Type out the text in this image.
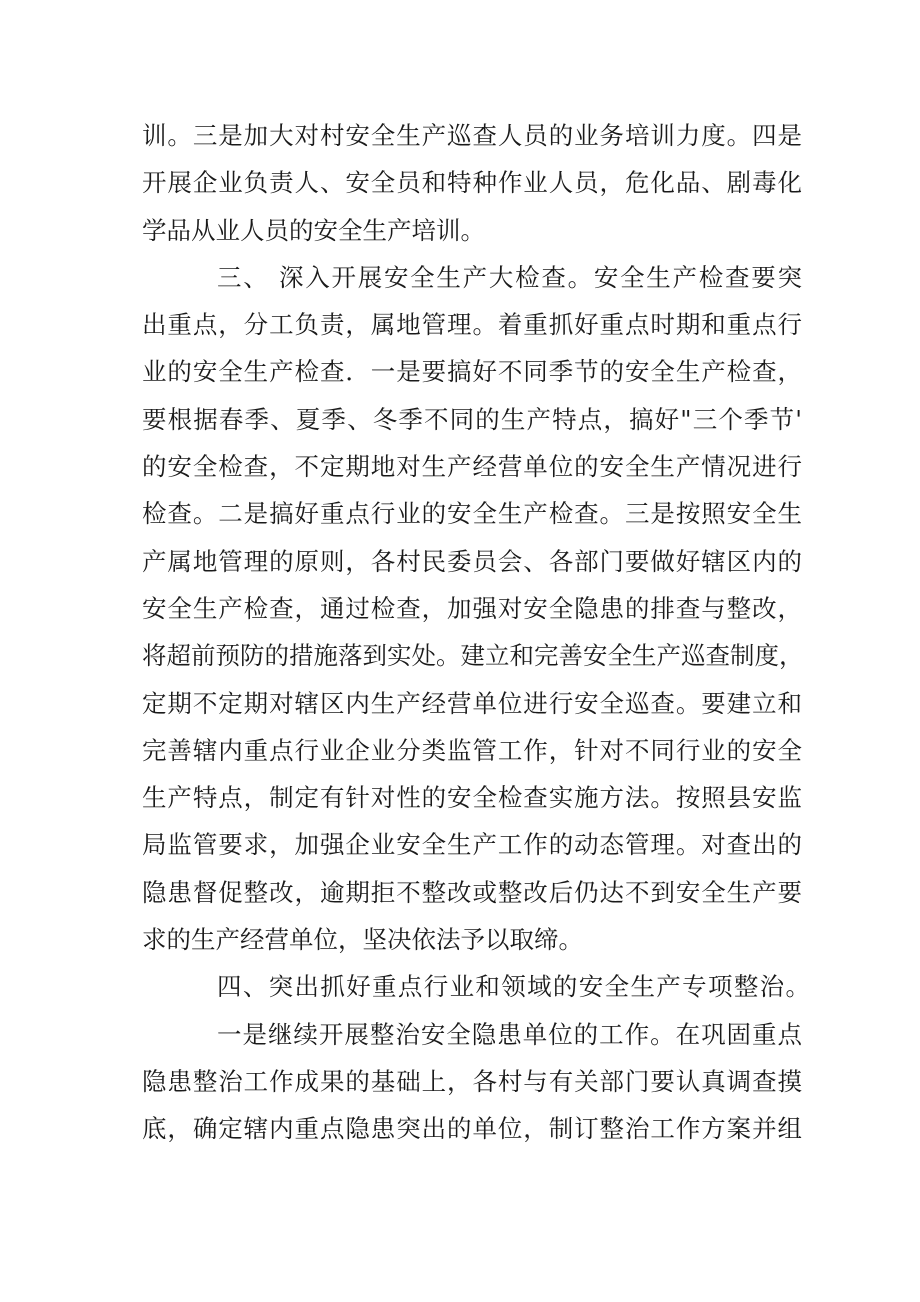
训。三是加大对村安全生产巡查人员的业务培训力度。四是
开展企业负责人、安全员和特种作业人员，危化品、剧毒化
学品从业人员的安全生产培训。
三、 深入开展安全生产大检查。安全生产检查要突
出重点，分工负责，属地管理。着重抓好重点时期和重点行
业的安全生产检查．一是要搞好不同季节的安全生产检查，
要根据春季、夏季、冬季不同的生产特点，搞好"三个季节'
的安全检查，不定期地对生产经营单位的安全生产情况进行
检查。二是搞好重点行业的安全生产检查。三是按照安全生
产属地管理的原则，各村民委员会、各部门要做好辖区内的
安全生产检查，通过检查，加强对安全隐患的排查与整改，
将超前预防的措施落到实处。建立和完善安全生产巡查制度，
定期不定期对辖区内生产经营单位进行安全巡查。要建立和
完善辖内重点行业企业分类监管工作，针对不同行业的安全
生产特点，制定有针对性的安全检查实施方法。按照县安监
局监管要求，加强企业安全生产工作的动态管理。对查出的
隐患督促整改，逾期拒不整改或整改后仍达不到安全生产要
求的生产经营单位，坚决依法予以取缔。
四、突出抓好重点行业和领域的安全生产专项整治。
一是继续开展整治安全隐患单位的工作。在巩固重点
隐患整治工作成果的基础上，各村与有关部门要认真调查摸
底，确定辖内重点隐患突出的单位，制订整治工作方案并组
